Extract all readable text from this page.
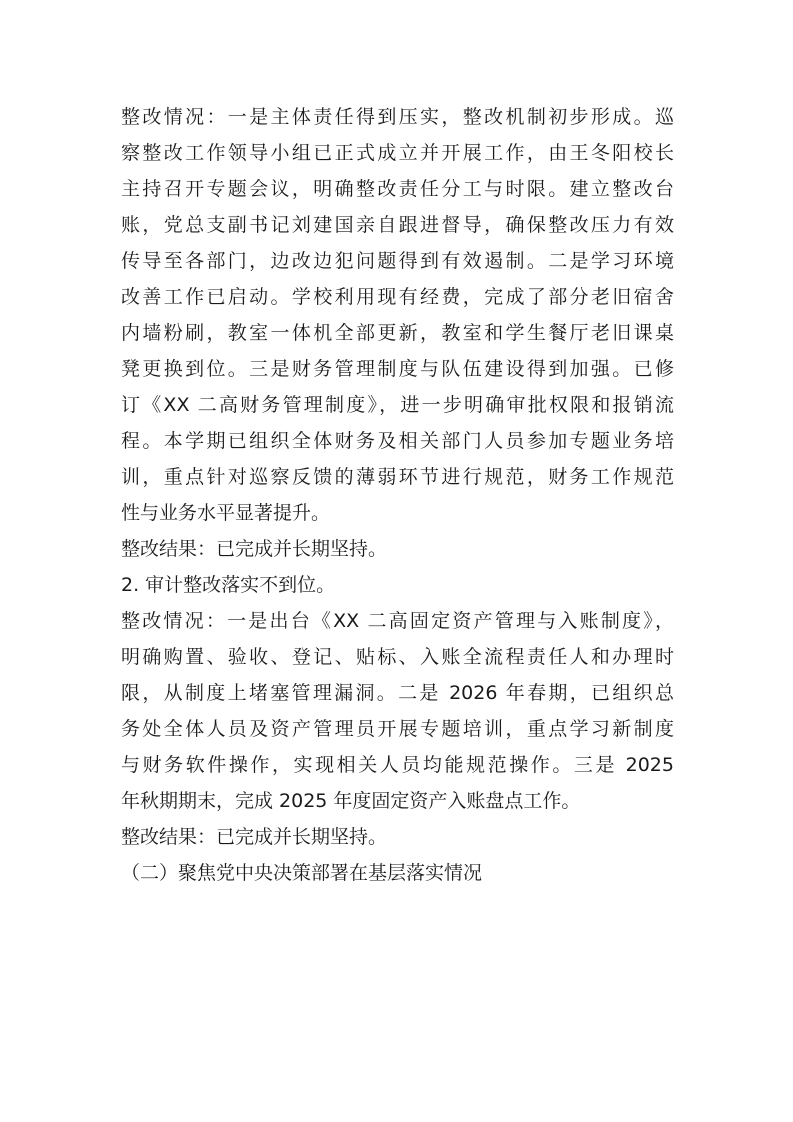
整改情况：一是主体责任得到压实，整改机制初步形成。巡
察整改工作领导小组已正式成立并开展工作，由王冬阳校长
主持召开专题会议，明确整改责任分工与时限。建立整改台
账，党总支副书记刘建国亲自跟进督导，确保整改压力有效
传导至各部门，边改边犯问题得到有效遏制。二是学习环境
改善工作已启动。学校利用现有经费，完成了部分老旧宿舍
内墙粉刷，教室一体机全部更新，教室和学生餐厅老旧课桌
凳更换到位。三是财务管理制度与队伍建设得到加强。已修
订《XX 二高财务管理制度》，进一步明确审批权限和报销流
程。本学期已组织全体财务及相关部门人员参加专题业务培
训，重点针对巡察反馈的薄弱环节进行规范，财务工作规范
性与业务水平显著提升。
整改结果：已完成并长期坚持。
2. 审计整改落实不到位。
整改情况：一是出台《XX 二高固定资产管理与入账制度》，
明确购置、验收、登记、贴标、入账全流程责任人和办理时
限，从制度上堵塞管理漏洞。二是 2026 年春期，已组织总
务处全体人员及资产管理员开展专题培训，重点学习新制度
与财务软件操作，实现相关人员均能规范操作。三是 2025
年秋期期末，完成 2025 年度固定资产入账盘点工作。
整改结果：已完成并长期坚持。
（二）聚焦党中央决策部署在基层落实情况
